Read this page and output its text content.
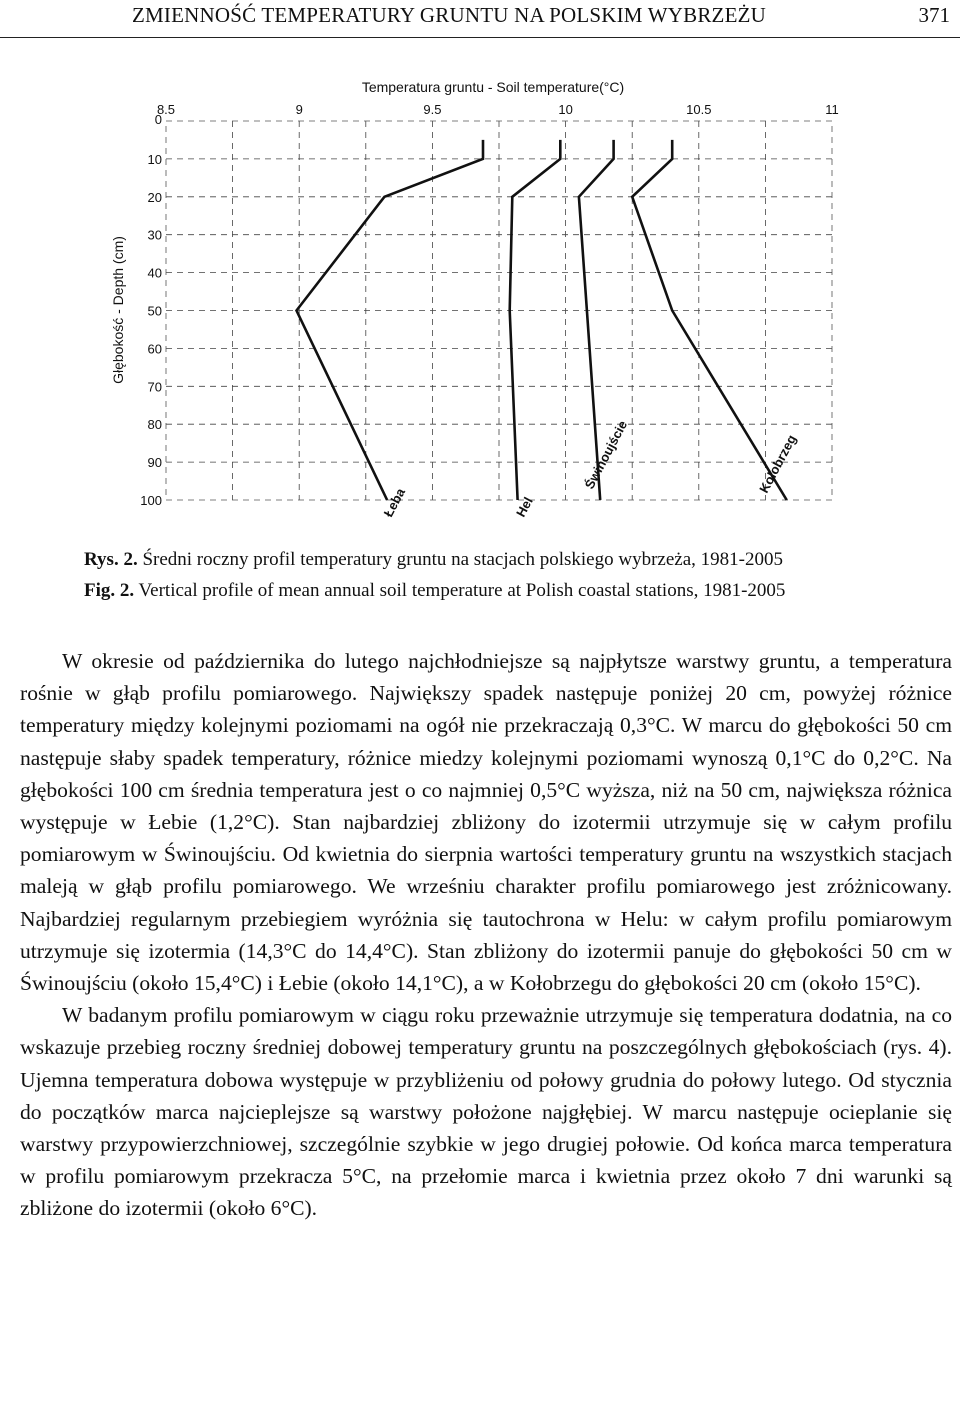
ZMIENNOŚĆ TEMPERATURY GRUNTU NA POLSKIM WYBRZEŻU	371
8.5	9	9.5	10	10.5	11
0
10
20
30
40
50
60
70
80
90
100	Łeba	Hel
Świnoujście	Kołobrzeg
Temperatura gruntu - Soil temperature(°C)
Głębokość - Depth (cm)
Rys. 2. Średni roczny profil temperatury gruntu na stacjach polskiego wybrzeża, 1981-2005
Fig. 2. Vertical profile of mean annual soil temperature at Polish coastal stations, 1981-2005

W okresie od października do lutego najchłodniejsze są najpłytsze warstwy gruntu, a temperatura rośnie w głąb profilu pomiarowego. Największy spadek następuje poniżej 20 cm, powyżej różnice temperatury między kolejnymi poziomami na ogół nie przekraczają 0,3°C. W marcu do głębokości 50 cm następuje słaby spadek temperatury, różnice miedzy kolejnymi poziomami wynoszą 0,1°C do 0,2°C. Na głębokości 100 cm średnia temperatura jest o co najmniej 0,5°C wyższa, niż na 50 cm, największa różnica występuje w Łebie (1,2°C). Stan najbardziej zbliżony do izotermii utrzymuje się w całym profilu pomiarowym w Świnoujściu. Od kwietnia do sierpnia wartości temperatury gruntu na wszystkich stacjach maleją w głąb profilu pomiarowego. We wrześniu charakter profilu pomiarowego jest zróżnicowany. Najbardziej regularnym przebiegiem wyróżnia się tautochrona w Helu: w całym profilu pomiarowym utrzymuje się izotermia (14,3°C do 14,4°C). Stan zbliżony do izotermii panuje do głębokości 50 cm w Świnoujściu (około 15,4°C) i Łebie (około 14,1°C), a w Kołobrzegu do głębokości 20 cm (około 15°C).

W badanym profilu pomiarowym w ciągu roku przeważnie utrzymuje się temperatura dodatnia, na co wskazuje przebieg roczny średniej dobowej temperatury gruntu na poszczególnych głębokościach (rys. 4). Ujemna temperatura dobowa występuje w przybliżeniu od połowy grudnia do połowy lutego. Od stycznia do początków marca najcieplejsze są warstwy położone najgłębiej. W marcu następuje ocieplanie się warstwy przypowierzchniowej, szczególnie szybkie w jego drugiej połowie. Od końca marca temperatura w profilu pomiarowym przekracza 5°C, na przełomie marca i kwietnia przez około 7 dni warunki są zbliżone do izotermii (około 6°C).
